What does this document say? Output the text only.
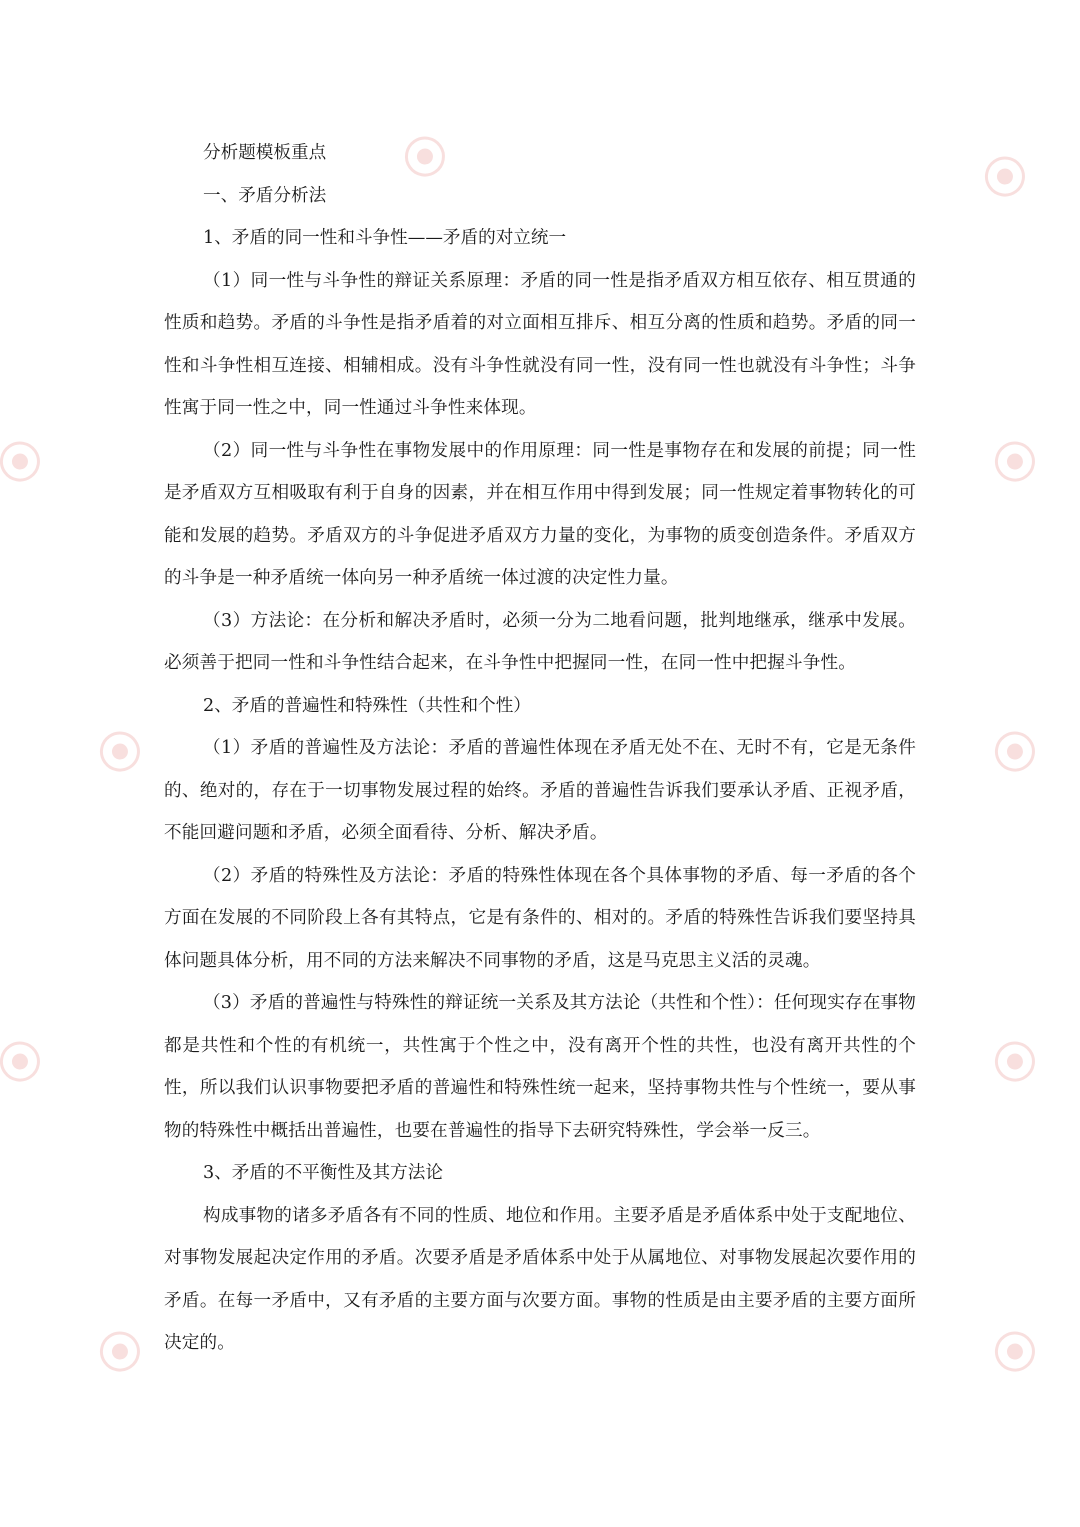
分析题模板重点

一、矛盾分析法

1、矛盾的同一性和斗争性——矛盾的对立统一

（1）同一性与斗争性的辩证关系原理：矛盾的同一性是指矛盾双方相互依存、相互贯通的性质和趋势。矛盾的斗争性是指矛盾着的对立面相互排斥、相互分离的性质和趋势。矛盾的同一性和斗争性相互连接、相辅相成。没有斗争性就没有同一性，没有同一性也就没有斗争性；斗争性寓于同一性之中，同一性通过斗争性来体现。

（2）同一性与斗争性在事物发展中的作用原理：同一性是事物存在和发展的前提；同一性是矛盾双方互相吸取有利于自身的因素，并在相互作用中得到发展；同一性规定着事物转化的可能和发展的趋势。矛盾双方的斗争促进矛盾双方力量的变化，为事物的质变创造条件。矛盾双方的斗争是一种矛盾统一体向另一种矛盾统一体过渡的决定性力量。

（3）方法论：在分析和解决矛盾时，必须一分为二地看问题，批判地继承，继承中发展。必须善于把同一性和斗争性结合起来，在斗争性中把握同一性，在同一性中把握斗争性。

2、矛盾的普遍性和特殊性（共性和个性）

（1）矛盾的普遍性及方法论：矛盾的普遍性体现在矛盾无处不在、无时不有，它是无条件的、绝对的，存在于一切事物发展过程的始终。矛盾的普遍性告诉我们要承认矛盾、正视矛盾，不能回避问题和矛盾，必须全面看待、分析、解决矛盾。

（2）矛盾的特殊性及方法论：矛盾的特殊性体现在各个具体事物的矛盾、每一矛盾的各个方面在发展的不同阶段上各有其特点，它是有条件的、相对的。矛盾的特殊性告诉我们要坚持具体问题具体分析，用不同的方法来解决不同事物的矛盾，这是马克思主义活的灵魂。

（3）矛盾的普遍性与特殊性的辩证统一关系及其方法论（共性和个性）：任何现实存在事物都是共性和个性的有机统一，共性寓于个性之中，没有离开个性的共性，也没有离开共性的个性，所以我们认识事物要把矛盾的普遍性和特殊性统一起来，坚持事物共性与个性统一，要从事物的特殊性中概括出普遍性，也要在普遍性的指导下去研究特殊性，学会举一反三。

3、矛盾的不平衡性及其方法论

构成事物的诸多矛盾各有不同的性质、地位和作用。主要矛盾是矛盾体系中处于支配地位、对事物发展起决定作用的矛盾。次要矛盾是矛盾体系中处于从属地位、对事物发展起次要作用的矛盾。在每一矛盾中，又有矛盾的主要方面与次要方面。事物的性质是由主要矛盾的主要方面所决定的。
